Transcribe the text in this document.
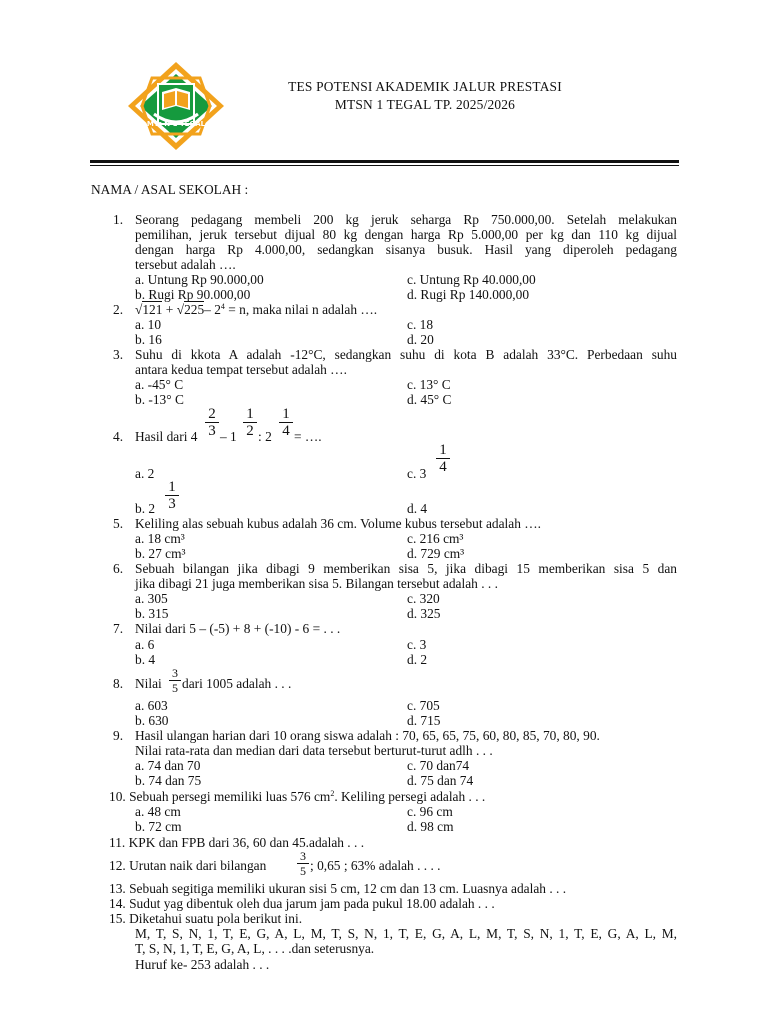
MTs N 1 TEGAL
TES POTENSI AKADEMIK JALUR PRESTASI
MTSN 1 TEGAL TP. 2025/2026
NAMA / ASAL SEKOLAH :
1. Seorang pedagang membeli 200 kg jeruk seharga Rp 750.000,00. Setelah melakukan
pemilihan, jeruk tersebut dijual 80 kg dengan harga Rp 5.000,00 per kg dan 110 kg dijual
dengan harga Rp 4.000,00, sedangkan sisanya busuk. Hasil yang diperoleh pedagang
tersebut adalah ….
a. Untung Rp 90.000,00	c. Untung Rp 40.000,00
b. Rugi Rp 90.000,00	d. Rugi Rp 140.000,00
2. √121 + √225– $2^4 = n$, maka nilai n adalah ….
a. 10	c. 18
b. 16	d. 20
3. Suhu di kkota A adalah -12°C, sedangkan suhu di kota B adalah 33°C. Perbedaan suhu
antara kedua tempat tersebut adalah ….
a. -45° C	c. 13° C
b. -13° C	d. 45° C
4. Hasil dari 4
2
3 – 1
1
2 : 2
1
4 = ….
a. 2	c. 3
1
4
b. 2
1
3	d. 4
5. Keliling alas sebuah kubus adalah 36 cm. Volume kubus tersebut adalah ….
a. 18 cm³	c. 216 cm³
b. 27 cm³	d. 729 cm³
6. Sebuah bilangan jika dibagi 9 memberikan sisa 5, jika dibagi 15 memberikan sisa 5 dan
jika dibagi 21 juga memberikan sisa 5. Bilangan tersebut adalah . . .
a. 305	c. 320
b. 315	d. 325
7. Nilai dari 5 – (-5) + 8 + (-10) - 6 = . . .
a. 6	c. 3
b. 4	d. 2
8. Nilai
3
5 dari 1005 adalah . . .
a. 603	c. 705
b. 630	d. 715
9. Hasil ulangan harian dari 10 orang siswa adalah : 70, 65, 65, 75, 60, 80, 85, 70, 80, 90.
Nilai rata-rata dan median dari data tersebut berturut-turut adlh . . .
a. 74 dan 70	c. 70 dan74
b. 74 dan 75	d. 75 dan 74
10. Sebuah persegi memiliki luas 576 $cm^2$. Keliling persegi adalah . . .
a. 48 cm	c. 96 cm
b. 72 cm	d. 98 cm
11. KPK dan FPB dari 36, 60 dan 45.adalah . . .
12. Urutan naik dari bilangan
3
5 ; 0,65 ; 63% adalah . . . .
13. Sebuah segitiga memiliki ukuran sisi 5 cm, 12 cm dan 13 cm. Luasnya adalah . . .
14. Sudut yag dibentuk oleh dua jarum jam pada pukul 18.00 adalah . . .
15. Diketahui suatu pola berikut ini.
M, T, S, N, 1, T, E, G, A, L, M, T, S, N, 1, T, E, G, A, L, M, T, S, N, 1, T, E, G, A, L, M,
T, S, N, 1, T, E, G, A, L, . . . .dan seterusnya.
Huruf ke- 253 adalah . . .
